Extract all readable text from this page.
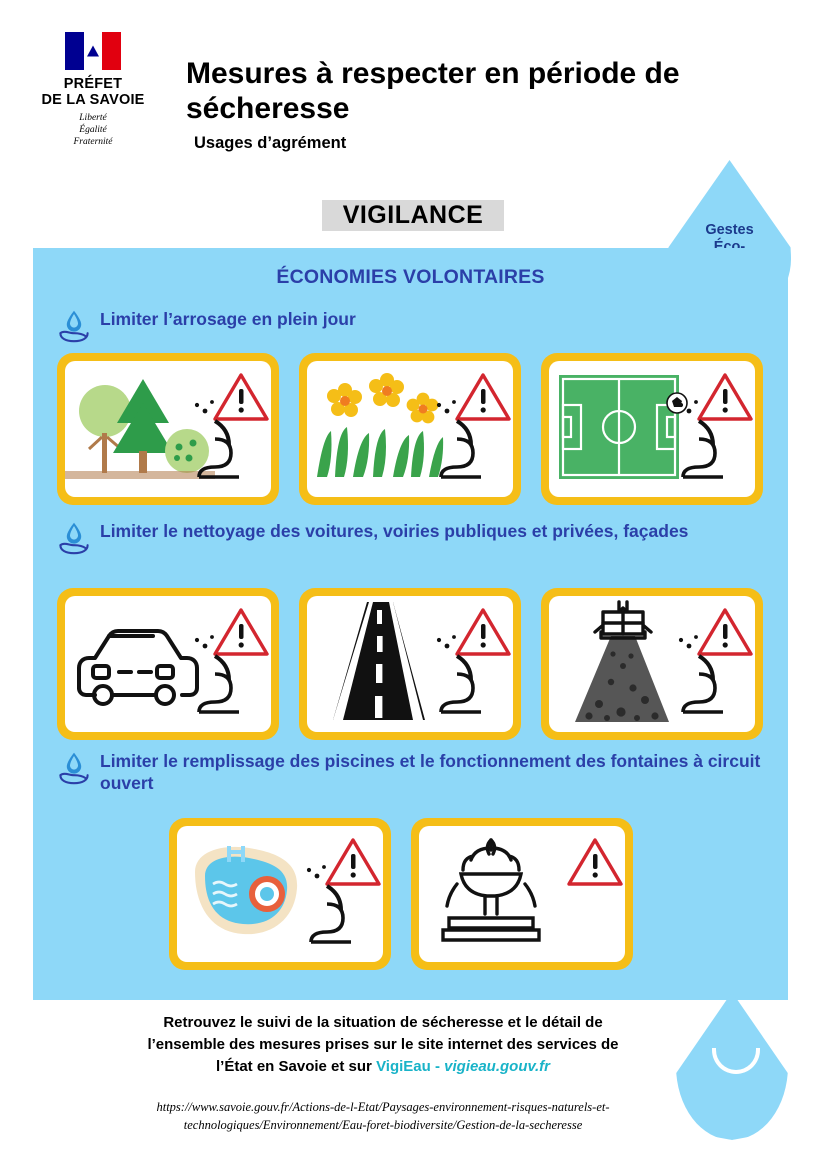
PRÉFET
DE LA SAVOIE
Liberté
Égalité
Fraternité
Mesures à respecter en période de sécheresse
Usages d’agrément
VIGILANCE
Gestes
ÉCONOMIES VOLONTAIRES
Limiter l’arrosage en plein jour
Limiter le nettoyage des voitures, voiries publiques et privées, façades
Limiter le remplissage des piscines et le fonctionnement des fontaines à circuit ouvert
Retrouvez le suivi de la situation de sécheresse et le détail de
l’ensemble des mesures prises sur le site internet des services de
l’État en Savoie et sur VigiEau - vigieau.gouv.fr
https://www.savoie.gouv.fr/Actions-de-l-Etat/Paysages-environnement-risques-naturels-et-
technologiques/Environnement/Eau-foret-biodiversite/Gestion-de-la-secheresse
